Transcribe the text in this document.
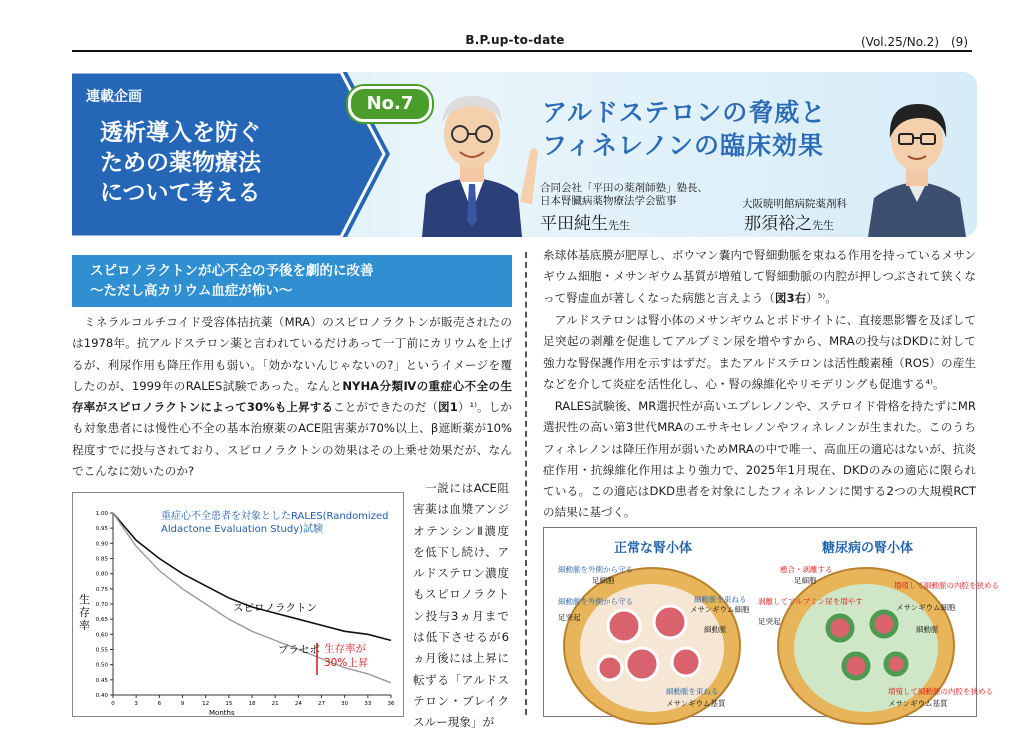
B.P.up-to-date	(Vol.25/No.2)　(9)
連載企画
透析導入を防ぐ
ための薬物療法
について考える
No.7	アルドステロンの脅威と
フィネレノンの臨床効果
合同会社「平田の薬剤師塾」塾長、
日本腎臓病薬物療法学会監事
平田純生先生
大阪暁明館病院薬剤科
那須裕之先生
スピロノラクトンが心不全の予後を劇的に改善
～ただし高カリウム血症が怖い～
　ミネラルコルチコイド受容体拮抗薬（MRA）のスピロノラクトンが販売されたのは1978年。抗アルドステロン薬と言われているだけあって一丁前にカリウムを上げるが、利尿作用も降圧作用も弱い。「効かないんじゃないの?」というイメージを覆したのが、1999年のRALES試験であった。なんとNYHA分類Ⅳの重症心不全の生存率がスピロノラクトンによって30%も上昇することができたのだ（図1）¹⁾。しかも対象患者には慢性心不全の基本治療薬のACE阻害薬が70%以上、β遮断薬が10%程度すでに投与されており、スピロノラクトンの効果はその上乗せ効果だが、なんでこんなに効いたのか?
重症心不全患者を対象としたRALES(Randomized
Aldactone Evaluation Study)試験
生 存 率
Months
1.00
0.95
0.90
0.85
0.80
0.75
0.70
0.65
0.60
0.55
0.50
0.45
0.40
0	3	6	9	12	15	18	21	24	27	30	33	36
スピロノラクトン
プラセボ 生存率が
30%上昇
　一説にはACE阻害薬は血漿アンジオテンシンⅡ濃度を低下し続け、アルドステロン濃度もスピロノラクトン投与3ヵ月までは低下させるが6ヵ月後には上昇に転ずる「アルドステロン・ブレイクスルー現象」が
糸球体基底膜が肥厚し、ボウマン嚢内で腎細動脈を束ねる作用を持っているメサンギウム細胞・メサンギウム基質が増殖して腎細動脈の内腔が押しつぶされて狭くなって腎虚血が著しくなった病態と言えよう（図3右）⁵⁾。
　アルドステロンは腎小体のメサンギウムとポドサイトに、直接悪影響を及ぼして足突起の剥離を促進してアルブミン尿を増やすから、MRAの投与はDKDに対して強力な腎保護作用を示すはずだ。またアルドステロンは活性酸素種（ROS）の産生などを介して炎症を活性化し、心・腎の線維化やリモデリングも促進する⁴⁾。
　RALES試験後、MR選択性が高いエプレレノンや、ステロイド骨格を持たずにMR選択性の高い第3世代MRAのエサキセレノンやフィネレノンが生まれた。このうちフィネレノンは降圧作用が弱いためMRAの中で唯一、高血圧の適応はないが、抗炎症作用・抗線維化作用はより強力で、2025年1月現在、DKDのみの適応に限られている。この適応はDKD患者を対象にしたフィネレノンに関する2つの大規模RCTの結果に基づく。
正常な腎小体	糖尿病の腎小体
細動脈を外側から守る
足細胞
細動脈を外側から守る
足突起
細動脈を束ねる
メサンギウム細胞
細動脈
細動脈を束ねる
メサンギウム基質
癒合・剥離する
足細胞
剥離してアルブミン尿を増やす
足突起
増殖して細動脈の内腔を狭める
メサンギウム細胞
細動脈
増殖して細動脈の内腔を狭める
メサンギウム基質
